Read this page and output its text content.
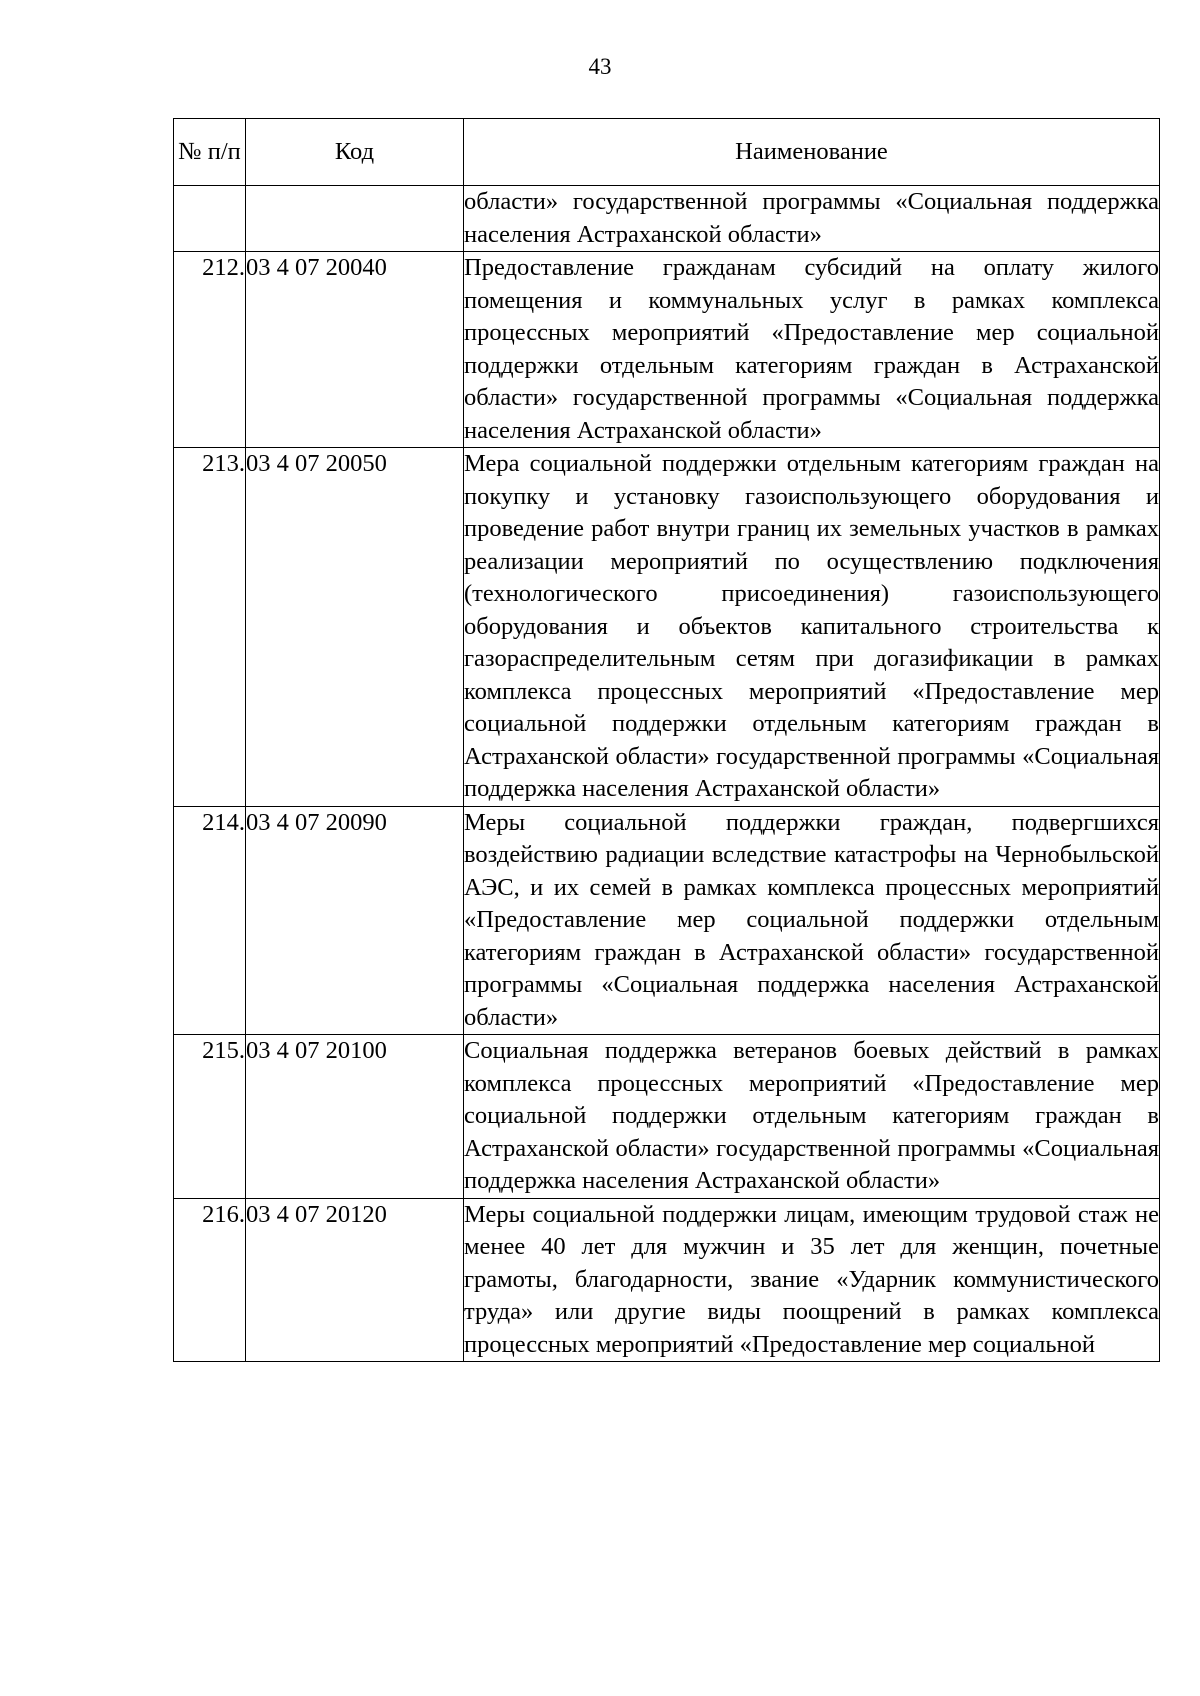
43
№ п/п	Код	Наименование
		области» государственной программы «Социальная поддержка населения Астраханской области»
212.	03 4 07 20040	Предоставление гражданам субсидий на оплату жилого помещения и коммунальных услуг в рамках комплекса процессных мероприятий «Предоставление мер социальной поддержки отдельным категориям граждан в Астраханской области» государственной программы «Социальная поддержка населения Астраханской области»
213.	03 4 07 20050	Мера социальной поддержки отдельным категориям граждан на покупку и установку газоиспользующего оборудования и проведение работ внутри границ их земельных участков в рамках реализации мероприятий по осуществлению подключения (технологического присоединения) газоиспользующего оборудования и объектов капитального строительства к газораспределительным сетям при догазификации в рамках комплекса процессных мероприятий «Предоставление мер социальной поддержки отдельным категориям граждан в Астраханской области» государственной программы «Социальная поддержка населения Астраханской области»
214.	03 4 07 20090	Меры социальной поддержки граждан, подвергшихся воздействию радиации вследствие катастрофы на Чернобыльской АЭС, и их семей в рамках комплекса процессных мероприятий «Предоставление мер социальной поддержки отдельным категориям граждан в Астраханской области» государственной программы «Социальная поддержка населения Астраханской области»
215.	03 4 07 20100	Социальная поддержка ветеранов боевых действий в рамках комплекса процессных мероприятий «Предоставление мер социальной поддержки отдельным категориям граждан в Астраханской области» государственной программы «Социальная поддержка населения Астраханской области»
216.	03 4 07 20120	Меры социальной поддержки лицам, имеющим трудовой стаж не менее 40 лет для мужчин и 35 лет для женщин, почетные грамоты, благодарности, звание «Ударник коммунистического труда» или другие виды поощрений в рамках комплекса процессных мероприятий «Предоставление мер социальной
